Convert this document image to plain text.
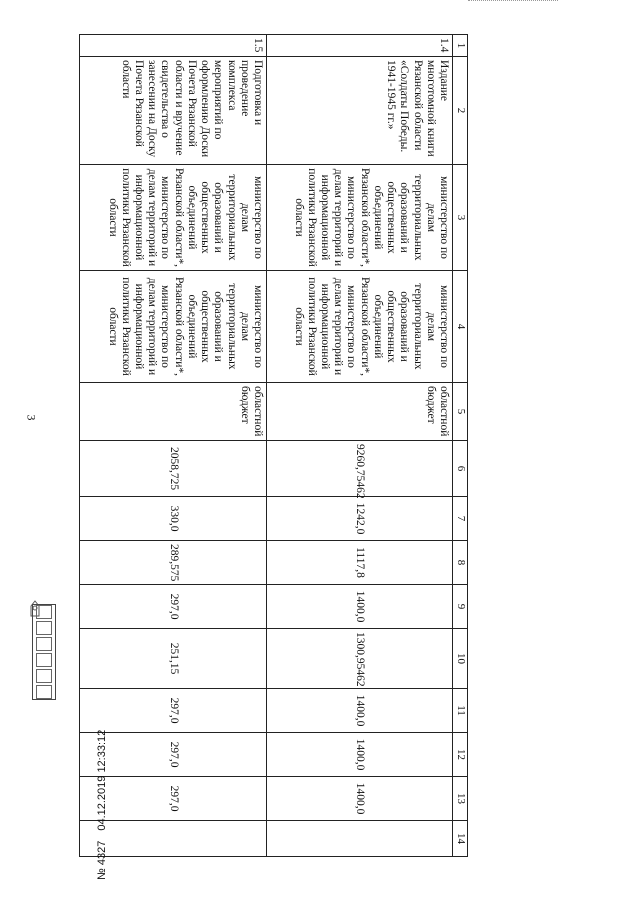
3
1	2	3	4	5	6	7	8	9	10	11	12	13	14
1.4	Издание многотомной книги Рязанской области «Солдаты Победы. 1941-1945 гг.»	министерство по делам территориальных образований и общественных объединений Рязанской области*, министерство по делам территорий и информационной политики Рязанской области	министерство по делам территориальных образований и общественных объединений Рязанской области*, министерство по делам территорий и информационной политики Рязанской области	областной бюджет	9260,75462	1242,0	1117,8	1400,0	1300,95462	1400,0	1400,0	1400,0	
1.5	Подготовка и проведение комплекса мероприятий по оформлению Доски Почета Рязанской области и вручение свидетельства о занесении на Доску Почета Рязанской области	министерство по делам территориальных образований и общественных объединений Рязанской области*, министерство по делам территорий и информационной политики Рязанской области	министерство по делам территориальных образований и общественных объединений Рязанской области*, министерство по делам территорий и информационной политики Рязанской области	областной бюджет	2058,725	330,0	289,575	297,0	251,15	297,0	297,0	297,0	
№ 4327
04.12.2019 12:33:12
